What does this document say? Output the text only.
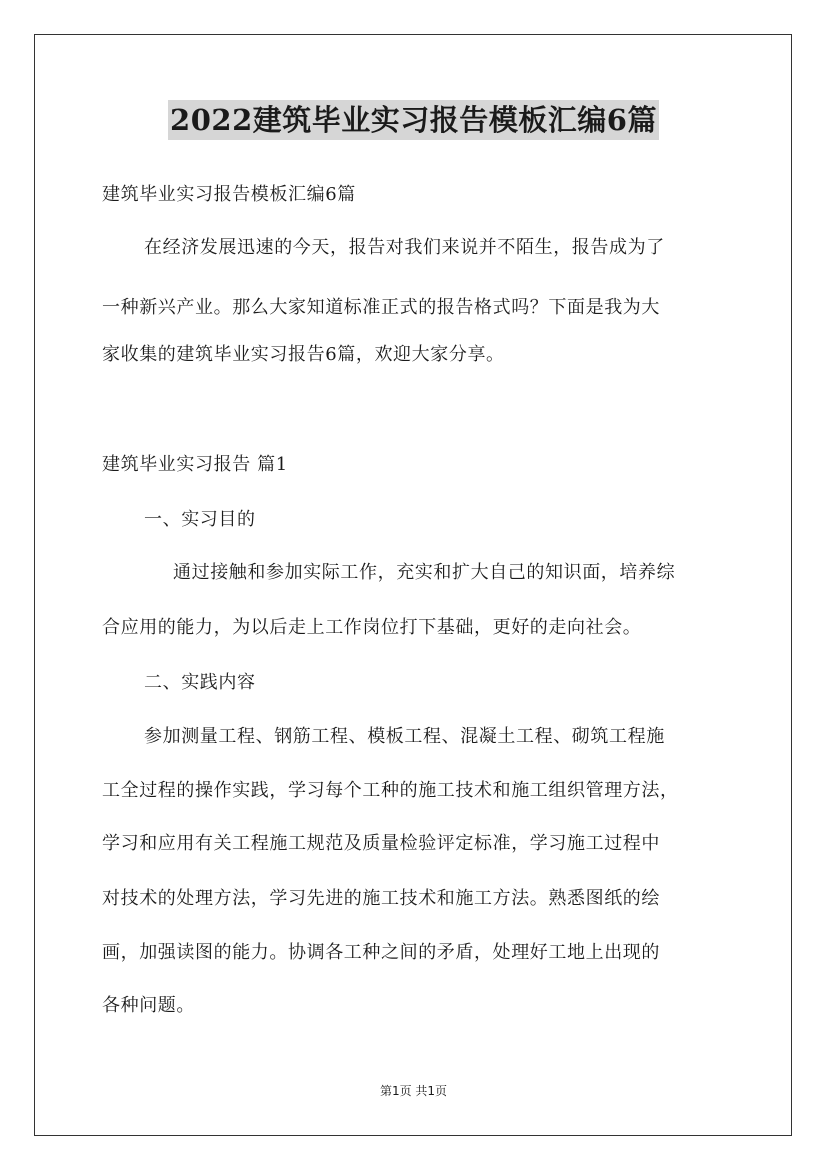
2022建筑毕业实习报告模板汇编6篇
建筑毕业实习报告模板汇编6篇
在经济发展迅速的今天，报告对我们来说并不陌生，报告成为了
一种新兴产业。那么大家知道标准正式的报告格式吗？下面是我为大
家收集的建筑毕业实习报告6篇，欢迎大家分享。
建筑毕业实习报告 篇1
一、实习目的
通过接触和参加实际工作，充实和扩大自己的知识面，培养综
合应用的能力，为以后走上工作岗位打下基础，更好的走向社会。
二、实践内容
参加测量工程、钢筋工程、模板工程、混凝土工程、砌筑工程施
工全过程的操作实践，学习每个工种的施工技术和施工组织管理方法，
学习和应用有关工程施工规范及质量检验评定标准，学习施工过程中
对技术的处理方法，学习先进的施工技术和施工方法。熟悉图纸的绘
画，加强读图的能力。协调各工种之间的矛盾，处理好工地上出现的
各种问题。
第1页 共1页
